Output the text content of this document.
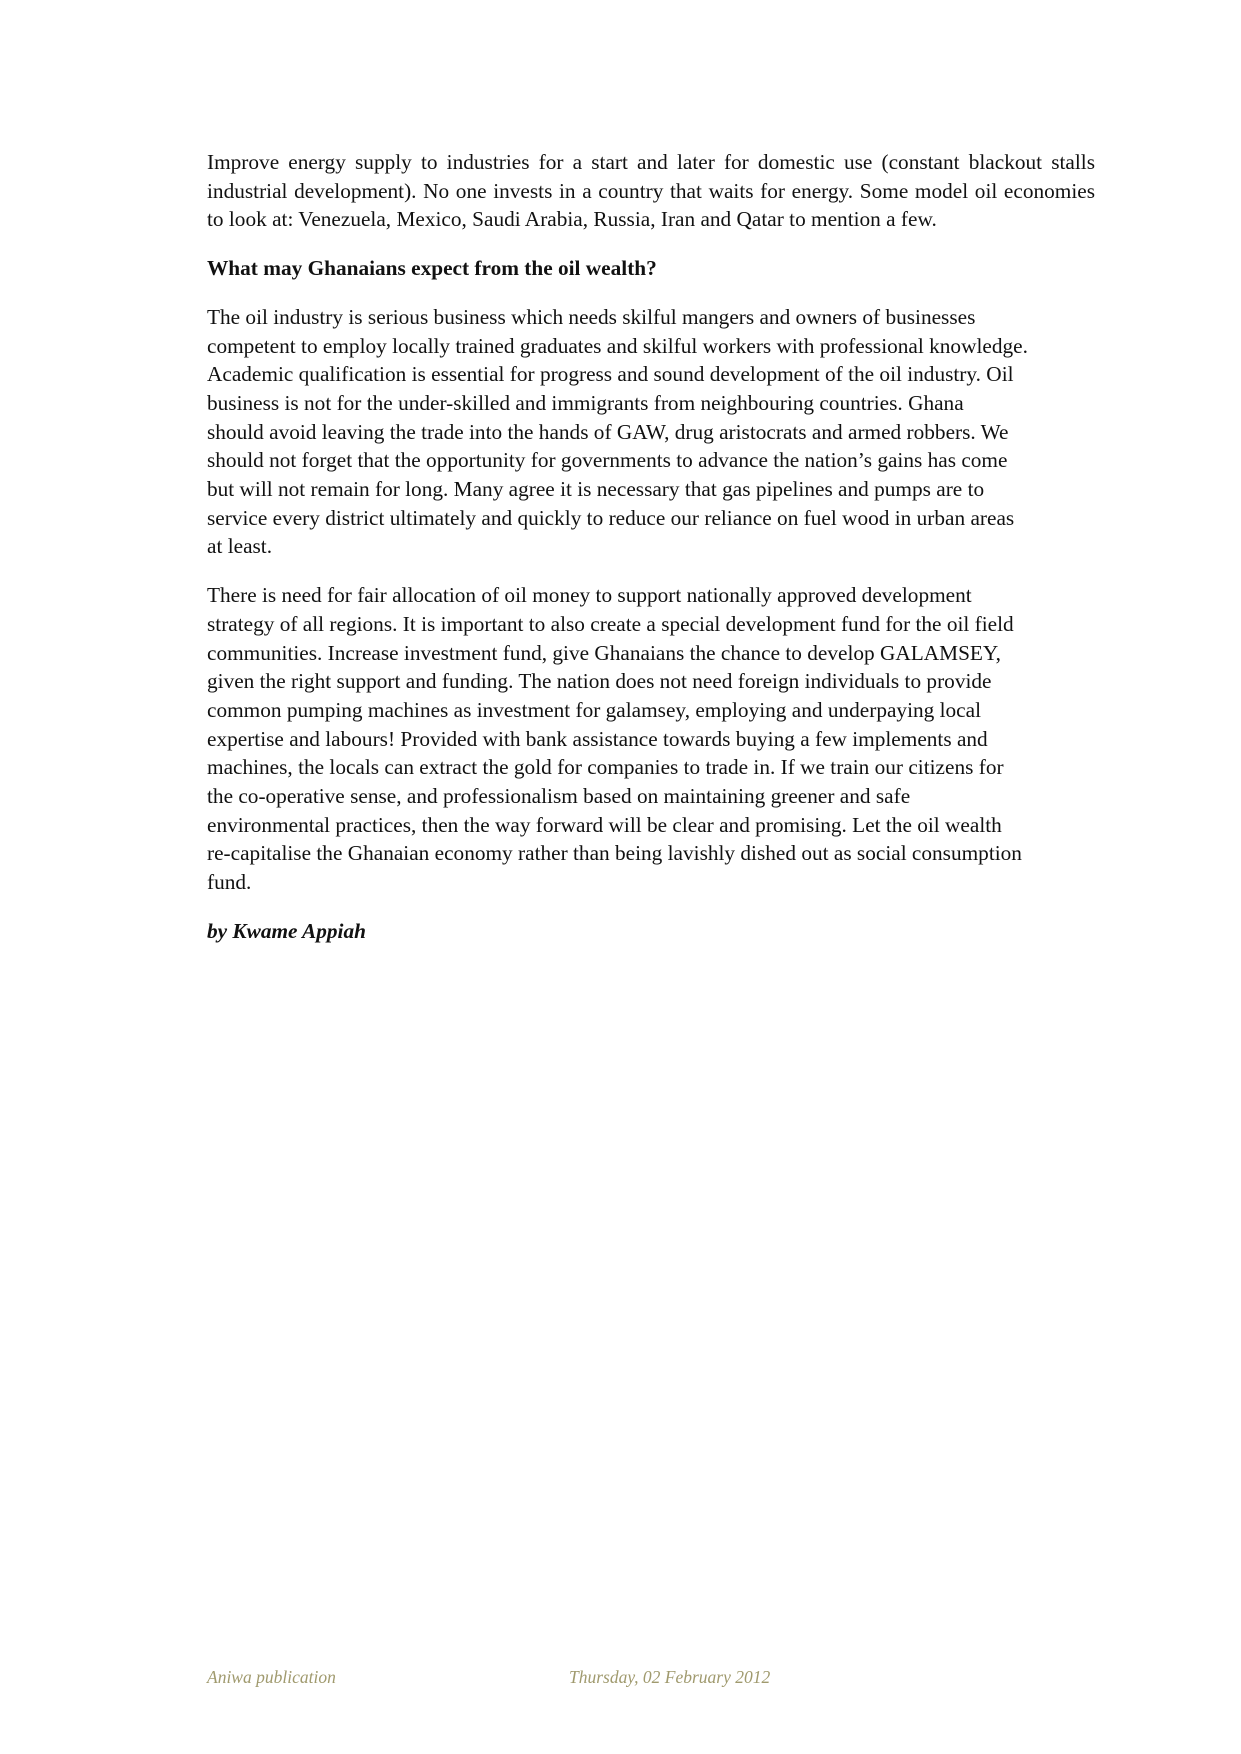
Improve energy supply to industries for a start and later for domestic use (constant blackout stalls industrial development). No one invests in a country that waits for energy. Some model oil economies to look at: Venezuela, Mexico, Saudi Arabia, Russia, Iran and Qatar to mention a few.

What may Ghanaians expect from the oil wealth?

The oil industry is serious business which needs skilful mangers and owners of businesses
competent to employ locally trained graduates and skilful workers with professional knowledge.
Academic qualification is essential for progress and sound development of the oil industry. Oil
business is not for the under-skilled and immigrants from neighbouring countries. Ghana
should avoid leaving the trade into the hands of GAW, drug aristocrats and armed robbers. We
should not forget that the opportunity for governments to advance the nation’s gains has come
but will not remain for long. Many agree it is necessary that gas pipelines and pumps are to
service every district ultimately and quickly to reduce our reliance on fuel wood in urban areas
at least.
There is need for fair allocation of oil money to support nationally approved development
strategy of all regions. It is important to also create a special development fund for the oil field
communities. Increase investment fund, give Ghanaians the chance to develop GALAMSEY,
given the right support and funding. The nation does not need foreign individuals to provide
common pumping machines as investment for galamsey, employing and underpaying local
expertise and labours! Provided with bank assistance towards buying a few implements and
machines, the locals can extract the gold for companies to trade in. If we train our citizens for
the co-operative sense, and professionalism based on maintaining greener and safe
environmental practices, then the way forward will be clear and promising. Let the oil wealth
re-capitalise the Ghanaian economy rather than being lavishly dished out as social consumption
fund.

by Kwame Appiah

Aniwa publication	Thursday, 02 February 2012
